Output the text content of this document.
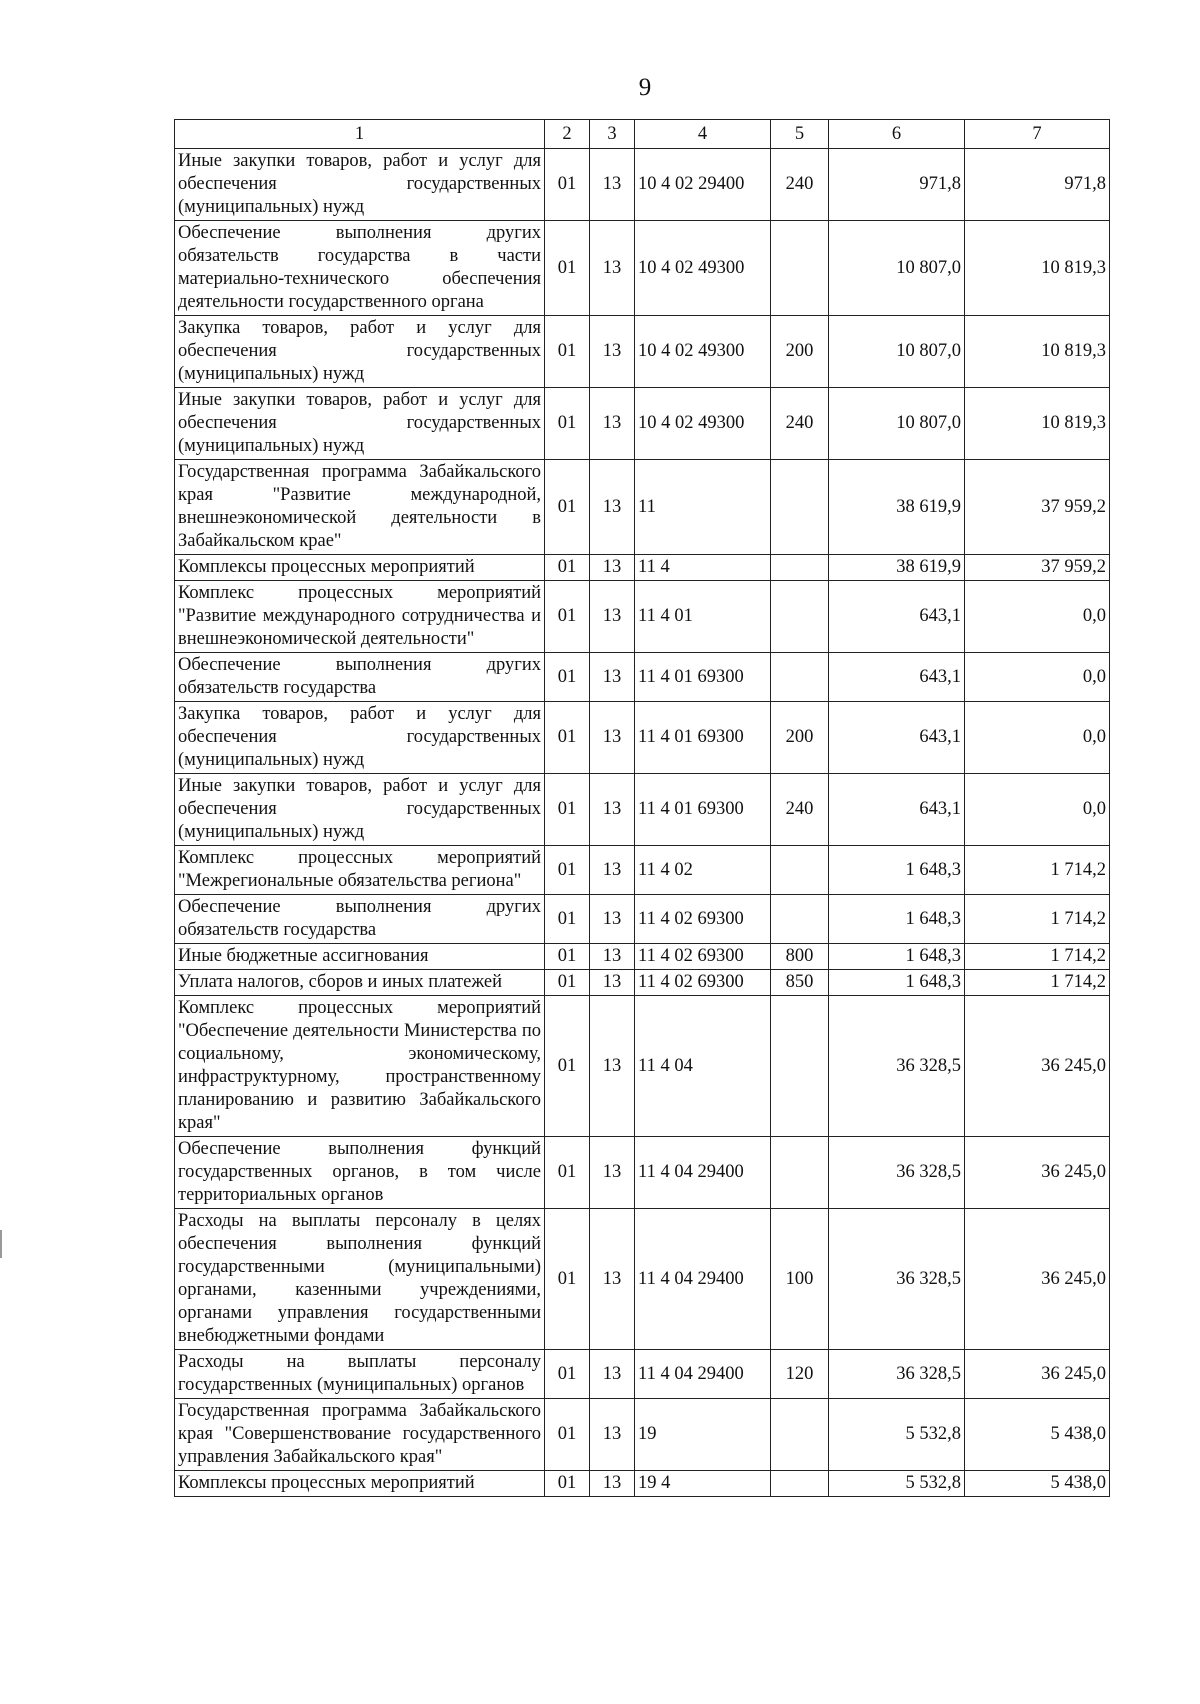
9
1	2	3	4	5	6	7
Иные закупки товаров, работ и услуг для обеспечения государственных (муниципальных) нужд	01	13	10 4 02 29400	240	971,8	971,8
Обеспечение выполнения других обязательств государства в части материально-технического обеспечения деятельности государственного органа	01	13	10 4 02 49300		10 807,0	10 819,3
Закупка товаров, работ и услуг для обеспечения государственных (муниципальных) нужд	01	13	10 4 02 49300	200	10 807,0	10 819,3
Иные закупки товаров, работ и услуг для обеспечения государственных (муниципальных) нужд	01	13	10 4 02 49300	240	10 807,0	10 819,3
Государственная программа Забайкальского края "Развитие международной, внешнеэкономической деятельности в Забайкальском крае"	01	13	11		38 619,9	37 959,2
Комплексы процессных мероприятий	01	13	11 4		38 619,9	37 959,2
Комплекс процессных мероприятий "Развитие международного сотрудничества и внешнеэкономической деятельности"	01	13	11 4 01		643,1	0,0
Обеспечение выполнения других обязательств государства	01	13	11 4 01 69300		643,1	0,0
Закупка товаров, работ и услуг для обеспечения государственных (муниципальных) нужд	01	13	11 4 01 69300	200	643,1	0,0
Иные закупки товаров, работ и услуг для обеспечения государственных (муниципальных) нужд	01	13	11 4 01 69300	240	643,1	0,0
Комплекс процессных мероприятий "Межрегиональные обязательства региона"	01	13	11 4 02		1 648,3	1 714,2
Обеспечение выполнения других обязательств государства	01	13	11 4 02 69300		1 648,3	1 714,2
Иные бюджетные ассигнования	01	13	11 4 02 69300	800	1 648,3	1 714,2
Уплата налогов, сборов и иных платежей	01	13	11 4 02 69300	850	1 648,3	1 714,2
Комплекс процессных мероприятий "Обеспечение деятельности Министерства по социальному, экономическому, инфраструктурному, пространственному планированию и развитию Забайкальского края"	01	13	11 4 04		36 328,5	36 245,0
Обеспечение выполнения функций государственных органов, в том числе территориальных органов	01	13	11 4 04 29400		36 328,5	36 245,0
Расходы на выплаты персоналу в целях обеспечения выполнения функций государственными (муниципальными) органами, казенными учреждениями, органами управления государственными внебюджетными фондами	01	13	11 4 04 29400	100	36 328,5	36 245,0
Расходы на выплаты персоналу государственных (муниципальных) органов	01	13	11 4 04 29400	120	36 328,5	36 245,0
Государственная программа Забайкальского края "Совершенствование государственного управления Забайкальского края"	01	13	19		5 532,8	5 438,0
Комплексы процессных мероприятий	01	13	19 4		5 532,8	5 438,0
